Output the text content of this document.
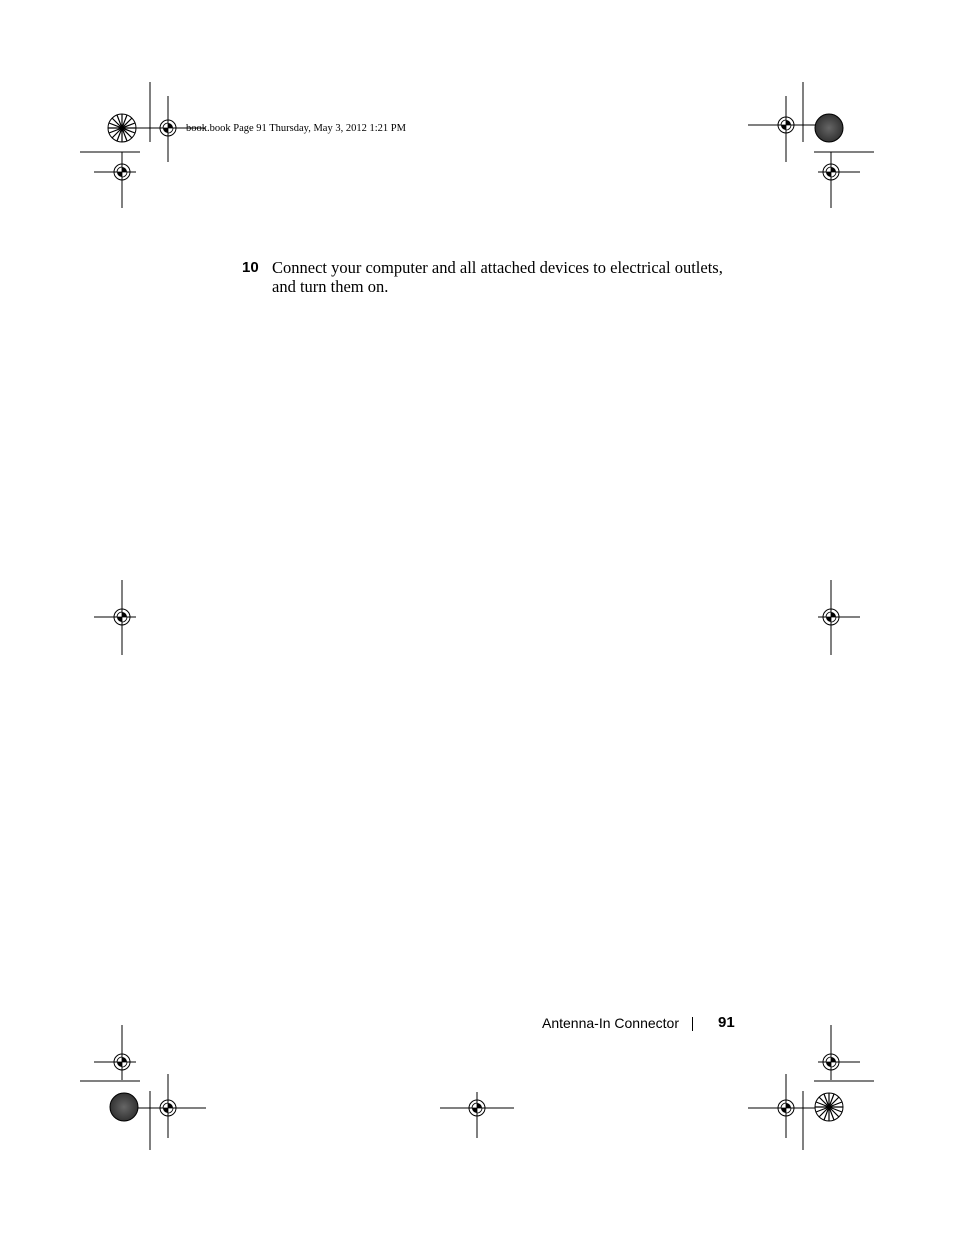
book.book Page 91 Thursday, May 3, 2012 1:21 PM
10 Connect your computer and all attached devices to electrical outlets, and turn them on.
Antenna-In Connector	91
